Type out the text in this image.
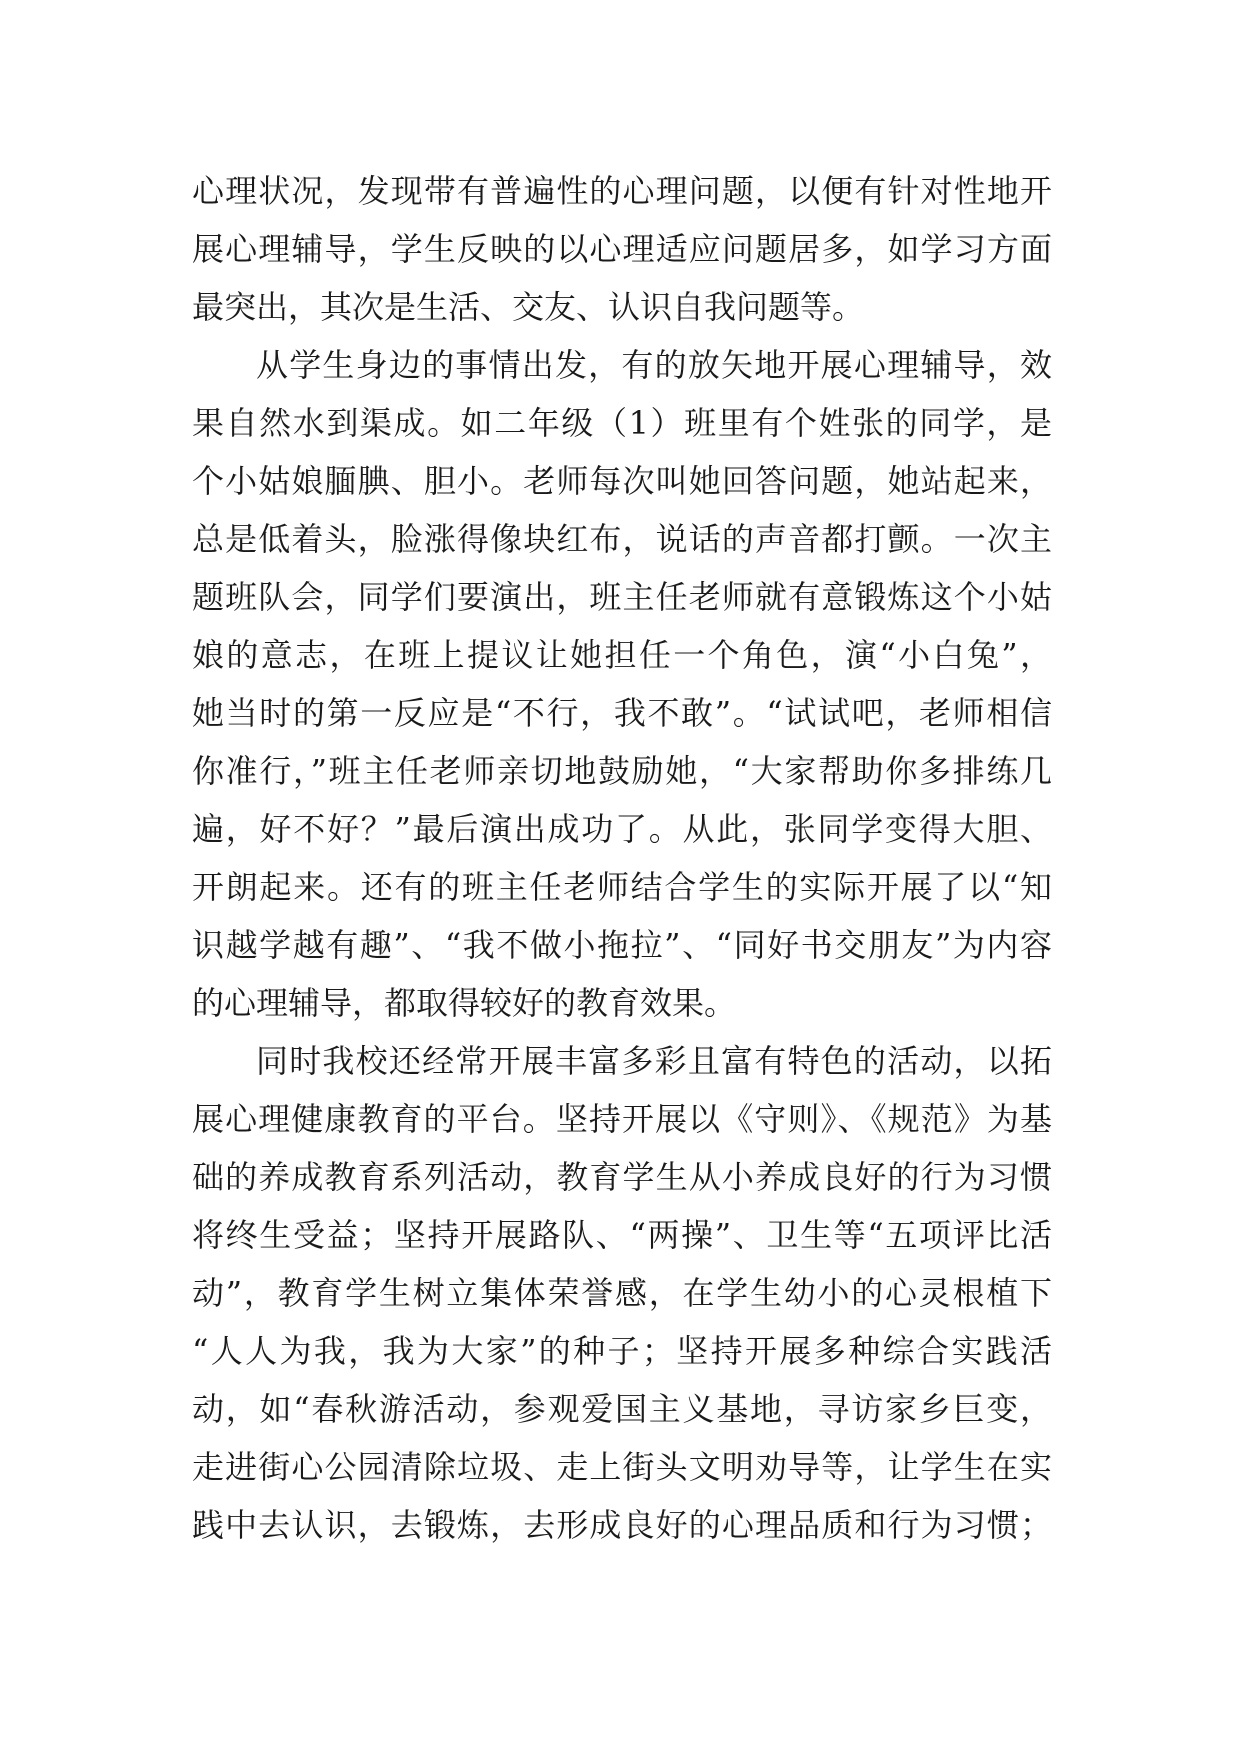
心理状况，发现带有普遍性的心理问题，以便有针对性地开
展心理辅导，学生反映的以心理适应问题居多，如学习方面
最突出，其次是生活、交友、认识自我问题等。
从学生身边的事情出发，有的放矢地开展心理辅导，效
果自然水到渠成。如二年级（1）班里有个姓张的同学，是
个小姑娘腼腆、胆小。老师每次叫她回答问题，她站起来，
总是低着头，脸涨得像块红布，说话的声音都打颤。一次主
题班队会，同学们要演出，班主任老师就有意锻炼这个小姑
娘的意志，在班上提议让她担任一个角色，演“小白兔”，
她当时的第一反应是“不行，我不敢”。“试试吧，老师相信
你准行，”班主任老师亲切地鼓励她，“大家帮助你多排练几
遍，好不好？”最后演出成功了。从此，张同学变得大胆、
开朗起来。还有的班主任老师结合学生的实际开展了以“知
识越学越有趣”、“我不做小拖拉”、“同好书交朋友”为内容
的心理辅导，都取得较好的教育效果。
同时我校还经常开展丰富多彩且富有特色的活动，以拓
展心理健康教育的平台。坚持开展以《守则》、《规范》为基
础的养成教育系列活动，教育学生从小养成良好的行为习惯
将终生受益；坚持开展路队、“两操”、卫生等“五项评比活
动”，教育学生树立集体荣誉感，在学生幼小的心灵根植下
“人人为我，我为大家”的种子；坚持开展多种综合实践活
动，如“春秋游活动，参观爱国主义基地，寻访家乡巨变，
走进街心公园清除垃圾、走上街头文明劝导等，让学生在实
践中去认识，去锻炼，去形成良好的心理品质和行为习惯；
